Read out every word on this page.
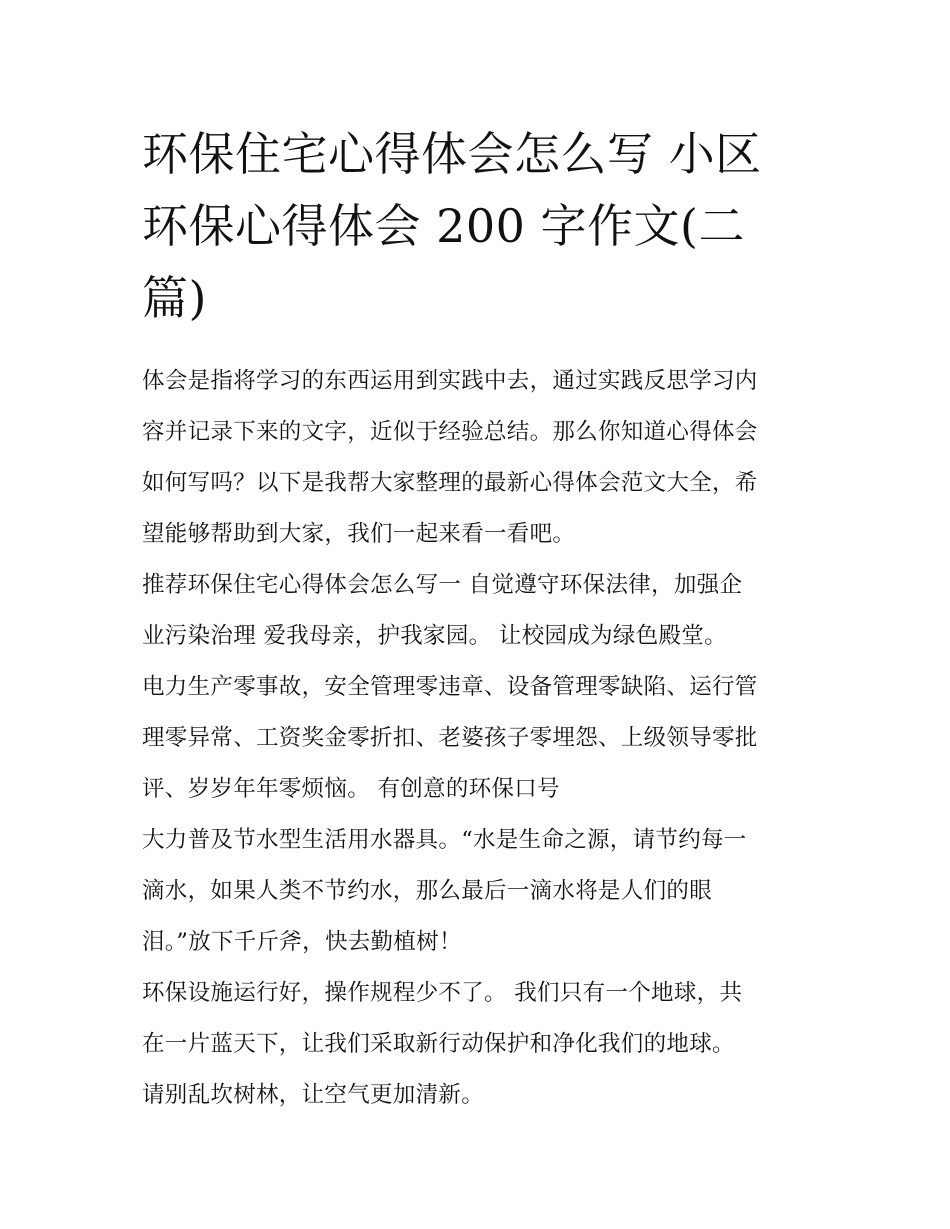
环保住宅心得体会怎么写 小区
环保心得体会 200 字作文(二
篇)

体会是指将学习的东西运用到实践中去，通过实践反思学习内
容并记录下来的文字，近似于经验总结。那么你知道心得体会
如何写吗？以下是我帮大家整理的最新心得体会范文大全，希
望能够帮助到大家，我们一起来看一看吧。

推荐环保住宅心得体会怎么写一 自觉遵守环保法律，加强企
业污染治理 爱我母亲，护我家园。 让校园成为绿色殿堂。

电力生产零事故，安全管理零违章、设备管理零缺陷、运行管
理零异常、工资奖金零折扣、老婆孩子零埋怨、上级领导零批
评、岁岁年年零烦恼。 有创意的环保口号

大力普及节水型生活用水器具。“水是生命之源，请节约每一
滴水，如果人类不节约水，那么最后一滴水将是人们的眼
泪。”放下千斤斧，快去勤植树！

环保设施运行好，操作规程少不了。 我们只有一个地球，共
在一片蓝天下，让我们采取新行动保护和净化我们的地球。
请别乱坎树林，让空气更加清新。
